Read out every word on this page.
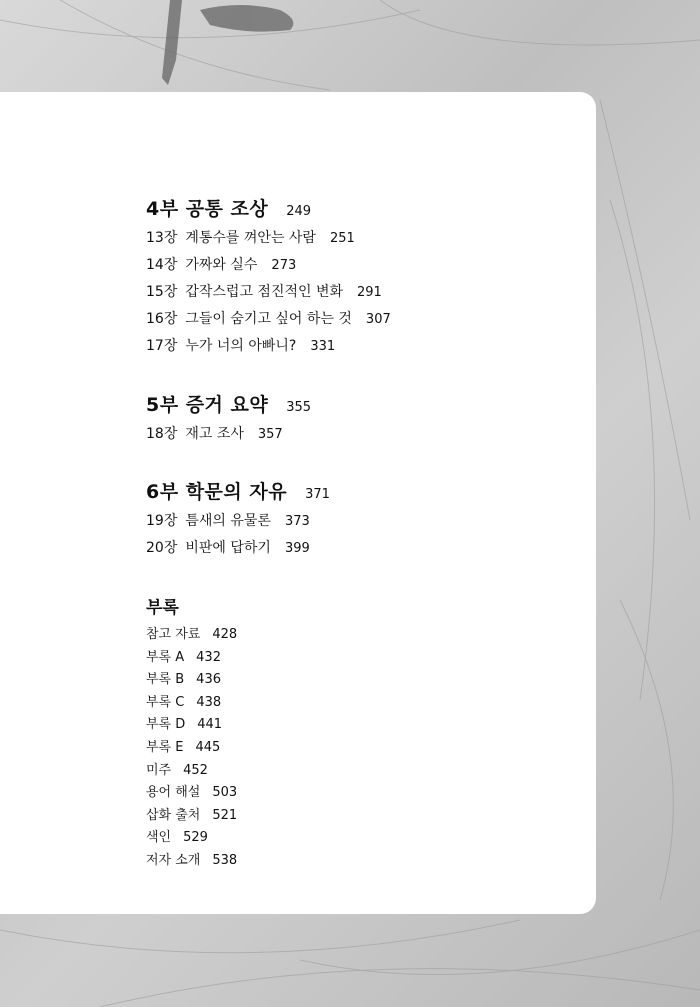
4부 공통 조상 249
13장 계통수를 껴안는 사람 251
14장 가짜와 실수 273
15장 갑작스럽고 점진적인 변화 291
16장 그들이 숨기고 싶어 하는 것 307
17장 누가 너의 아빠니? 331
5부 증거 요약 355
18장 재고 조사 357
6부 학문의 자유 371
19장 틈새의 유물론 373
20장 비판에 답하기 399
부록
참고 자료 428
부록 A 432
부록 B 436
부록 C 438
부록 D 441
부록 E 445
미주 452
용어 해설 503
삽화 출처 521
색인 529
저자 소개 538
